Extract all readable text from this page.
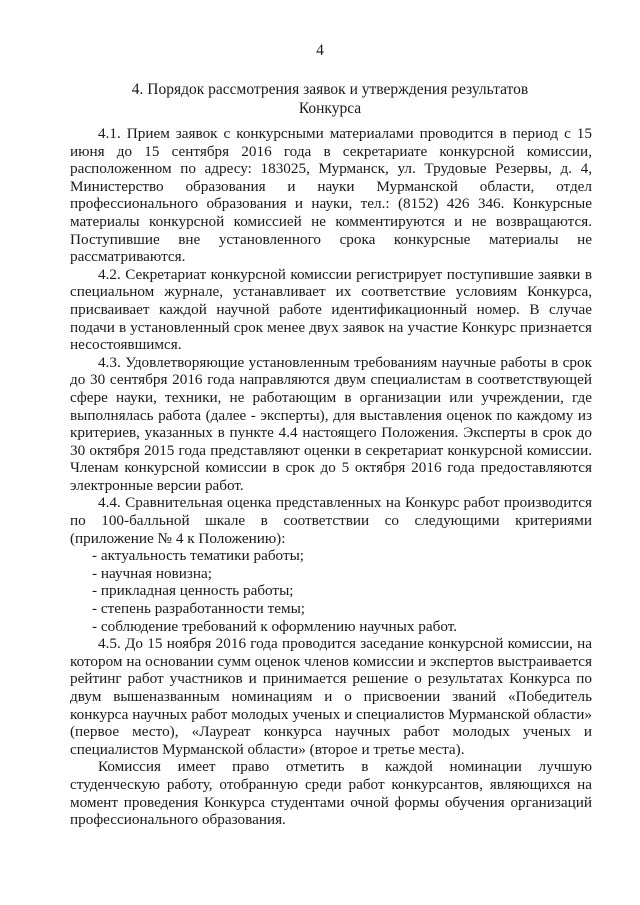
4
4. Порядок рассмотрения заявок и утверждения результатов
Конкурса

4.1. Прием заявок с конкурсными материалами проводится в период с 15 июня до 15 сентября 2016 года в секретариате конкурсной комиссии, расположенном по адресу: 183025, Мурманск, ул. Трудовые Резервы, д. 4, Министерство образования и науки Мурманской области, отдел профессионального образования и науки, тел.: (8152) 426 346. Конкурсные материалы конкурсной комиссией не комментируются и не возвращаются. Поступившие вне установленного срока конкурсные материалы не рассматриваются.

4.2. Секретариат конкурсной комиссии регистрирует поступившие заявки в специальном журнале, устанавливает их соответствие условиям Конкурса, присваивает каждой научной работе идентификационный номер. В случае подачи в установленный срок менее двух заявок на участие Конкурс признается несостоявшимся.

4.3. Удовлетворяющие установленным требованиям научные работы в срок до 30 сентября 2016 года направляются двум специалистам в соответствующей сфере науки, техники, не работающим в организации или учреждении, где выполнялась работа (далее - эксперты), для выставления оценок по каждому из критериев, указанных в пункте 4.4 настоящего Положения. Эксперты в срок до 30 октября 2015 года представляют оценки в секретариат конкурсной комиссии. Членам конкурсной комиссии в срок до 5 октября 2016 года предоставляются электронные версии работ.

4.4. Сравнительная оценка представленных на Конкурс работ производится по 100-балльной шкале в соответствии со следующими критериями (приложение № 4 к Положению):

- актуальность тематики работы;
- научная новизна;
- прикладная ценность работы;
- степень разработанности темы;
- соблюдение требований к оформлению научных работ.

4.5. До 15 ноября 2016 года проводится заседание конкурсной комиссии, на котором на основании сумм оценок членов комиссии и экспертов выстраивается рейтинг работ участников и принимается решение о результатах Конкурса по двум вышеназванным номинациям и о присвоении званий «Победитель конкурса научных работ молодых ученых и специалистов Мурманской области» (первое место), «Лауреат конкурса научных работ молодых ученых и специалистов Мурманской области» (второе и третье места).

Комиссия имеет право отметить в каждой номинации лучшую студенческую работу, отобранную среди работ конкурсантов, являющихся на момент проведения Конкурса студентами очной формы обучения организаций профессионального образования.
